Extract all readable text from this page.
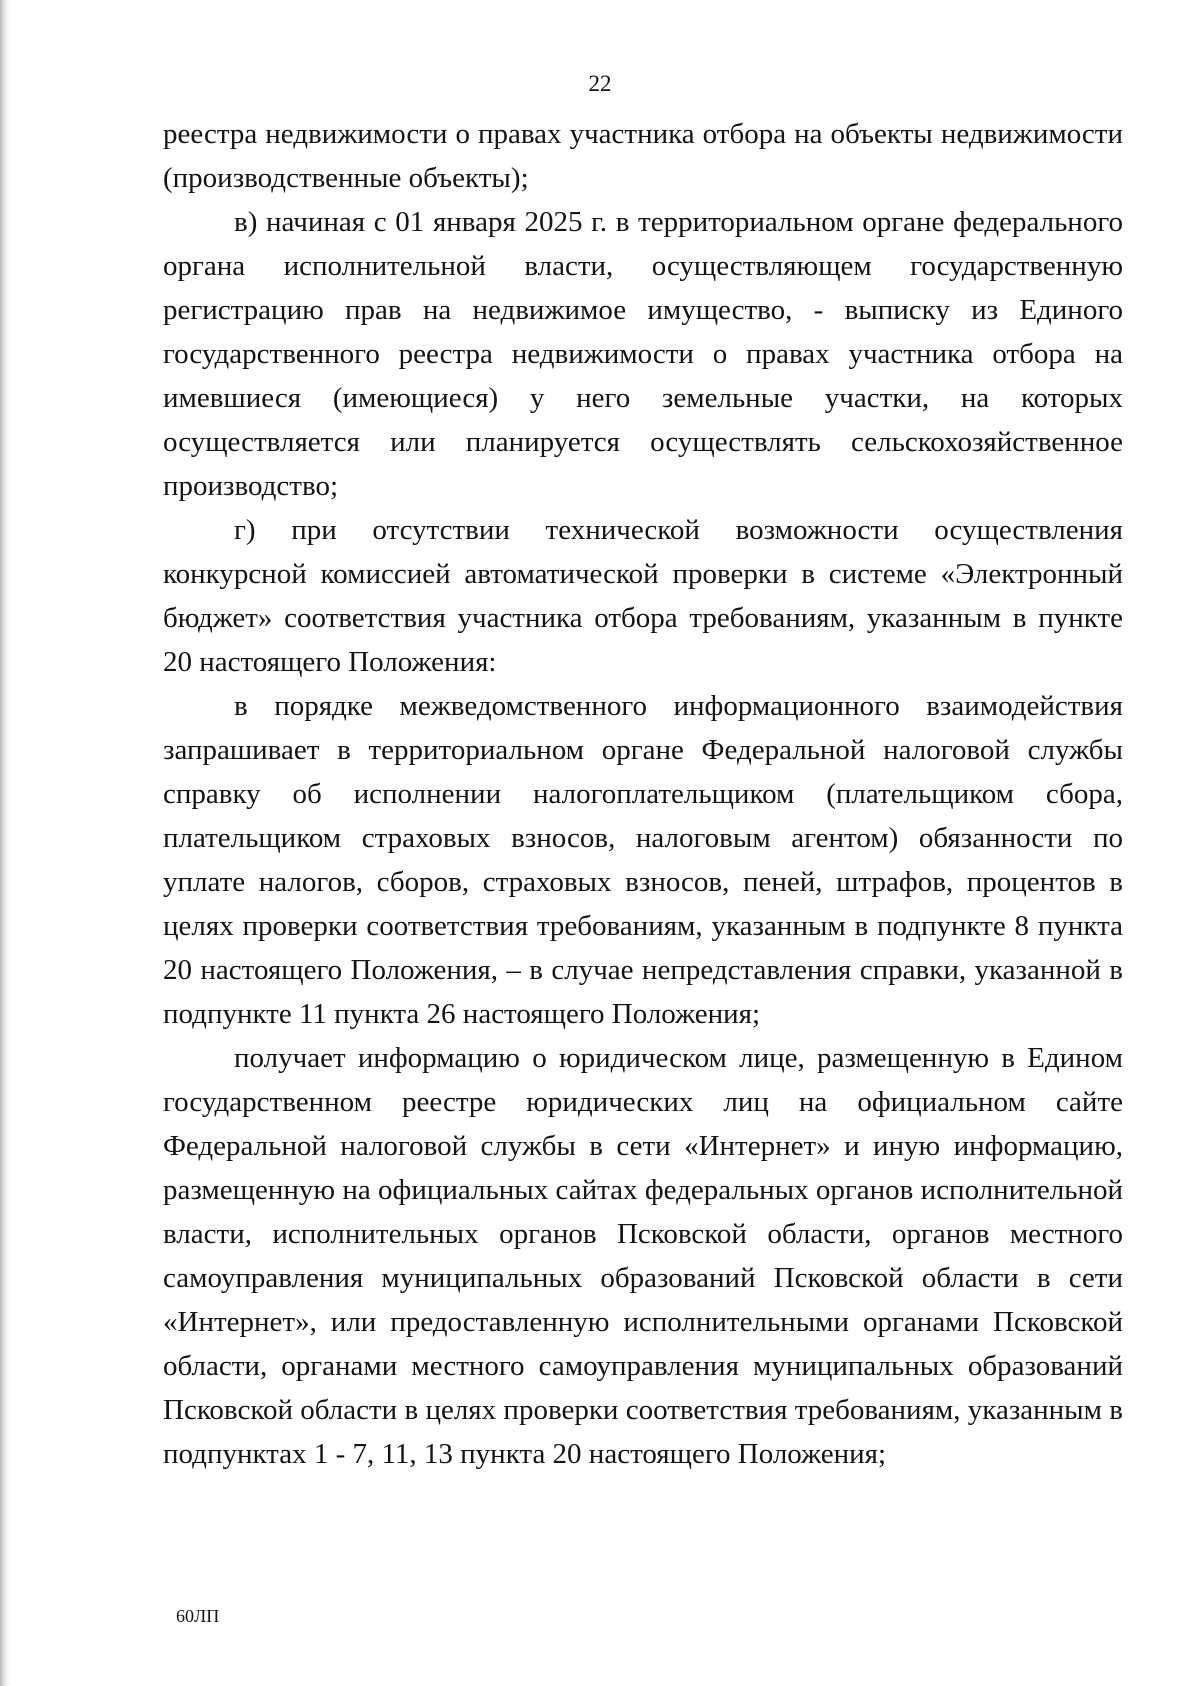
22

реестра недвижимости о правах участника отбора на объекты недвижимости (производственные объекты);

в) начиная с 01 января 2025 г. в территориальном органе федерального органа исполнительной власти, осуществляющем государственную регистрацию прав на недвижимое имущество, - выписку из Единого государственного реестра недвижимости о правах участника отбора на имевшиеся (имеющиеся) у него земельные участки, на которых осуществляется или планируется осуществлять сельскохозяйственное производство;

г) при отсутствии технической возможности осуществления конкурсной комиссией автоматической проверки в системе «Электронный бюджет» соответствия участника отбора требованиям, указанным в пункте 20 настоящего Положения:

в порядке межведомственного информационного взаимодействия запрашивает в территориальном органе Федеральной налоговой службы справку об исполнении налогоплательщиком (плательщиком сбора, плательщиком страховых взносов, налоговым агентом) обязанности по уплате налогов, сборов, страховых взносов, пеней, штрафов, процентов в целях проверки соответствия требованиям, указанным в подпункте 8 пункта 20 настоящего Положения, – в случае непредставления справки, указанной в подпункте 11 пункта 26 настоящего Положения;

получает информацию о юридическом лице, размещенную в Едином государственном реестре юридических лиц на официальном сайте Федеральной налоговой службы в сети «Интернет» и иную информацию, размещенную на официальных сайтах федеральных органов исполнительной власти, исполнительных органов Псковской области, органов местного самоуправления муниципальных образований Псковской области в сети «Интернет», или предоставленную исполнительными органами Псковской области, органами местного самоуправления муниципальных образований Псковской области в целях проверки соответствия требованиям, указанным в подпунктах 1 - 7, 11, 13 пункта 20 настоящего Положения;

60ЛП
